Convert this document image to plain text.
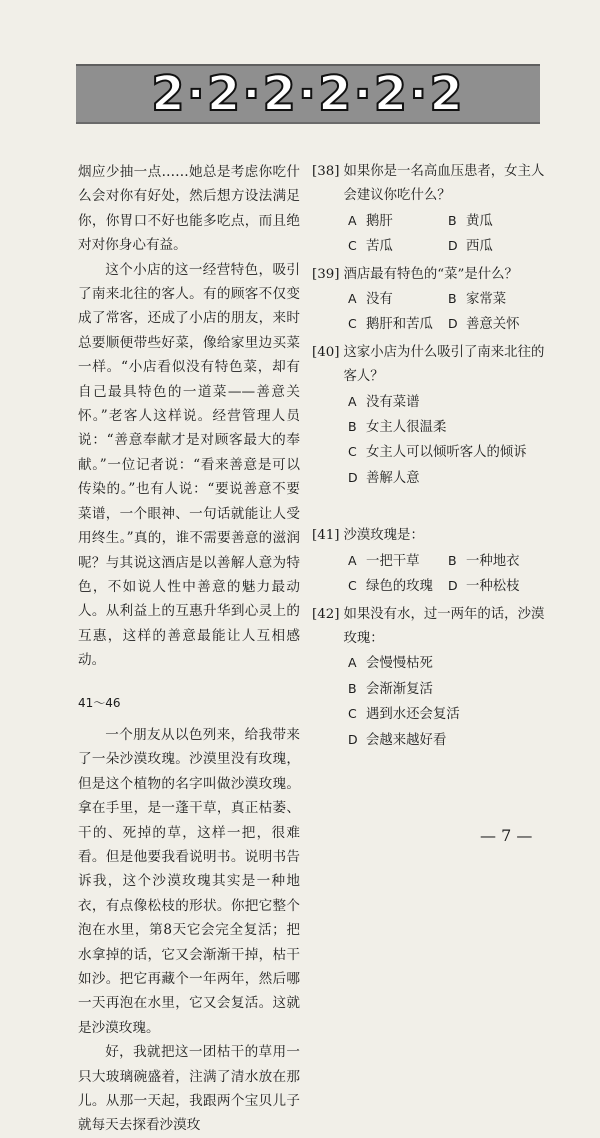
2·2·2·2·2·2

烟应少抽一点……她总是考虑你吃什么会对你有好处，然后想方设法满足你，你胃口不好也能多吃点，而且绝对对你身心有益。

这个小店的这一经营特色，吸引了南来北往的客人。有的顾客不仅变成了常客，还成了小店的朋友，来时总要顺便带些好菜，像给家里边买菜一样。“小店看似没有特色菜，却有自己最具特色的一道菜——善意关怀。”老客人这样说。经营管理人员说：“善意奉献才是对顾客最大的奉献。”一位记者说：“看来善意是可以传染的。”也有人说：“要说善意不要菜谱，一个眼神、一句话就能让人受用终生。”真的，谁不需要善意的滋润呢？与其说这酒店是以善解人意为特色，不如说人性中善意的魅力最动人。从利益上的互惠升华到心灵上的互惠，这样的善意最能让人互相感动。

41～46

一个朋友从以色列来，给我带来了一朵沙漠玫瑰。沙漠里没有玫瑰，但是这个植物的名字叫做沙漠玫瑰。拿在手里，是一蓬干草，真正枯萎、干的、死掉的草，这样一把，很难看。但是他要我看说明书。说明书告诉我，这个沙漠玫瑰其实是一种地衣，有点像松枝的形状。你把它整个泡在水里，第8天它会完全复活；把水拿掉的话，它又会渐渐干掉，枯干如沙。把它再藏个一年两年，然后哪一天再泡在水里，它又会复活。这就是沙漠玫瑰。

好，我就把这一团枯干的草用一只大玻璃碗盛着，注满了清水放在那儿。从那一天起，我跟两个宝贝儿子就每天去探看沙漠玫

[38] 如果你是一名高血压患者，女主人会建议你吃什么？
A 鹅肝	B 黄瓜
C 苦瓜	D 西瓜
[39] 酒店最有特色的“菜”是什么？
A 没有	B 家常菜
C 鹅肝和苦瓜	D 善意关怀
[40] 这家小店为什么吸引了南来北往的客人？
A 没有菜谱
B 女主人很温柔
C 女主人可以倾听客人的倾诉
D 善解人意
[41] 沙漠玫瑰是：
A 一把干草	B 一种地衣
C 绿色的玫瑰	D 一种松枝
[42] 如果没有水，过一两年的话，沙漠玫瑰：
A 会慢慢枯死
B 会渐渐复活
C 遇到水还会复活
D 会越来越好看
— 7 —
